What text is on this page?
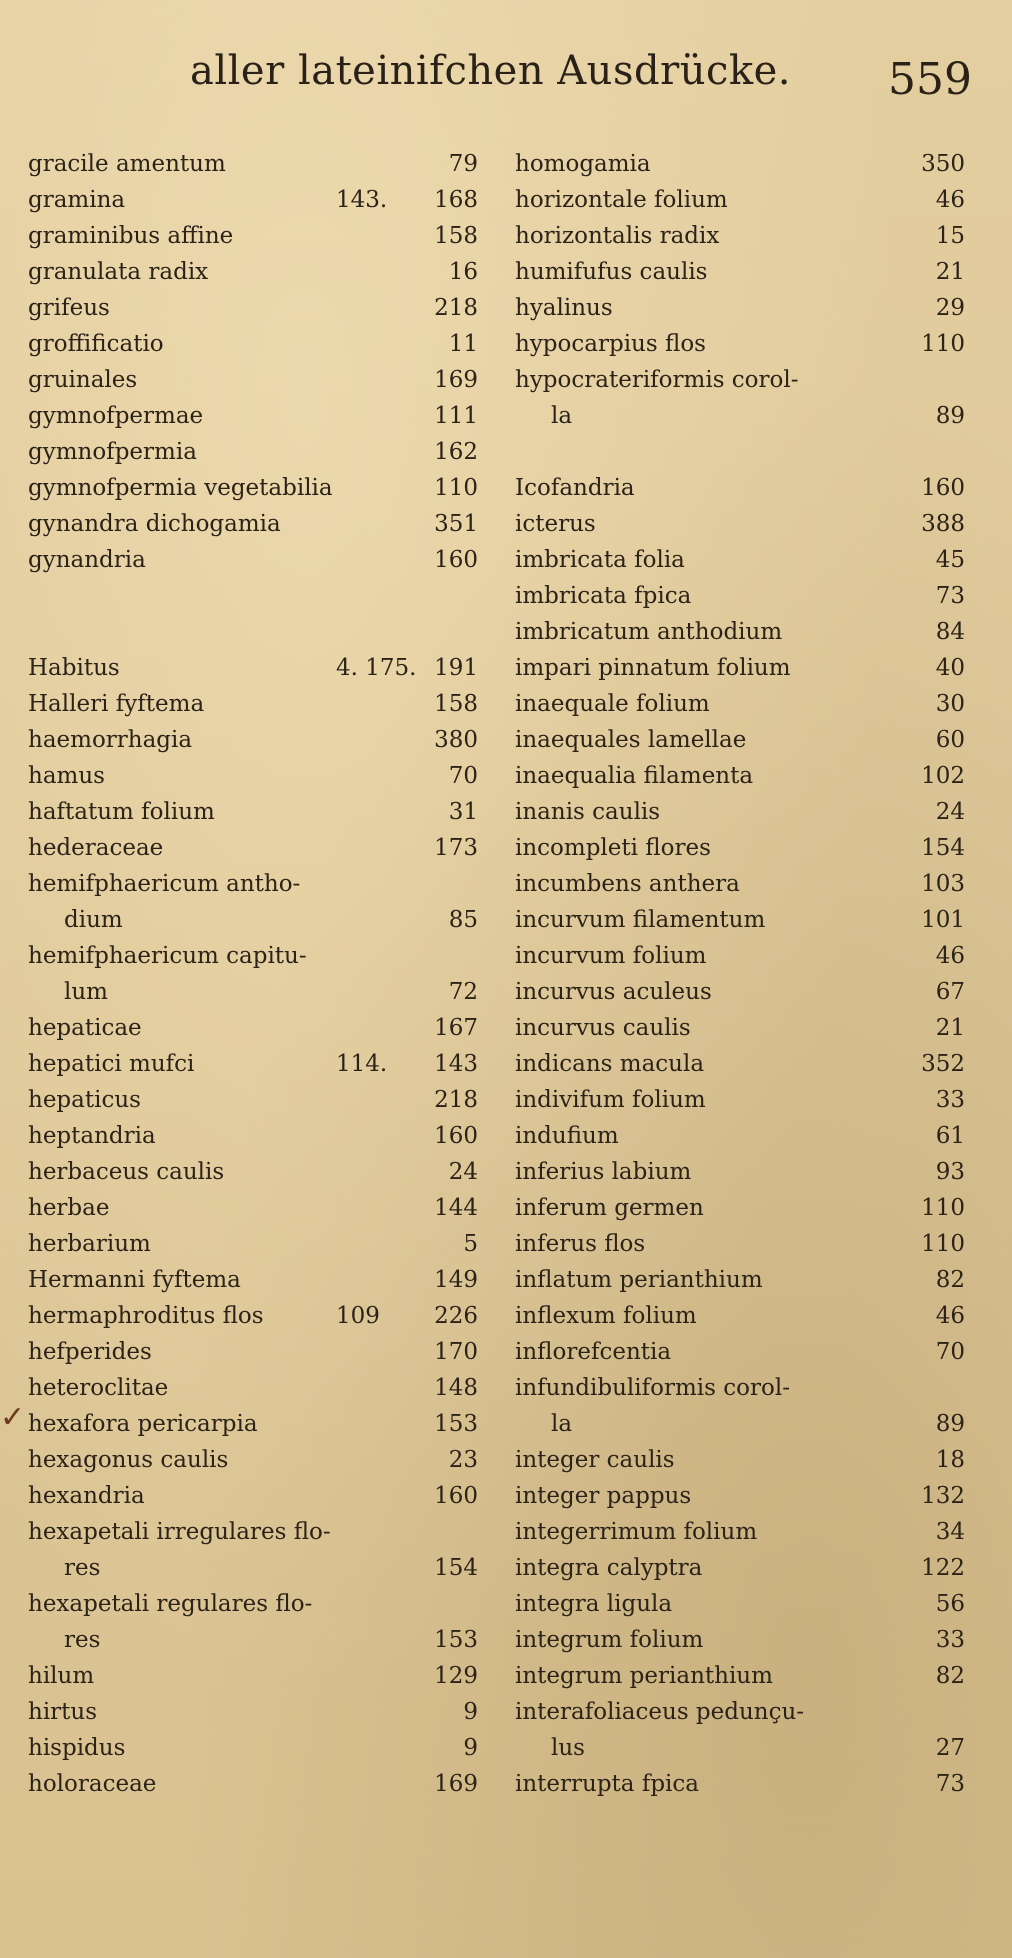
aller lateinifchen Ausdrücke. 559
gracile amentum	79
gramina	143. 168
graminibus affine	158
granulata radix	16
grifeus	218
groffificatio	11
gruinales	169
gymnofpermae	111
gymnofpermia	162
gymnofpermia vegetabilia	110
gynandra dichogamia	351
gynandria	160
Habitus	4. 175. 191
Halleri fyftema	158
haemorrhagia	380
hamus	70
haftatum folium	31
hederaceae	173
hemifphaericum antho-
dium	85
hemifphaericum capitu-
lum	72
hepaticae	167
hepatici mufci	114. 143
hepaticus	218
heptandria	160
herbaceus caulis	24
herbae	144
herbarium	5
Hermanni fyftema	149
hermaphroditus flos	109 226
hefperides	170
heteroclitae	148
✓ hexafora pericarpia	153
hexagonus caulis	23
hexandria	160
hexapetali irregulares flo-
res	154
hexapetali regulares flo-
res	153
hilum	129
hirtus	9
hispidus	9
holoraceae	169
homogamia	350
horizontale folium	46
horizontalis radix	15
humifufus caulis	21
hyalinus	29
hypocarpius flos	110
hypocrateriformis corol-
la	89
Icofandria	160
icterus	388
imbricata folia	45
imbricata fpica	73
imbricatum anthodium	84
impari pinnatum folium	40
inaequale folium	30
inaequales lamellae	60
inaequalia filamenta	102
inanis caulis	24
incompleti flores	154
incumbens anthera	103
incurvum filamentum	101
incurvum folium	46
incurvus aculeus	67
incurvus caulis	21
indicans macula	352
indivifum folium	33
indufium	61
inferius labium	93
inferum germen	110
inferus flos	110
inflatum perianthium	82
inflexum folium	46
inflorefcentia	70
infundibuliformis corol-
la	89
integer caulis	18
integer pappus	132
integerrimum folium	34
integra calyptra	122
integra ligula	56
integrum folium	33
integrum perianthium	82
interafoliaceus pedunçu-
lus	27
interrupta fpica	73
